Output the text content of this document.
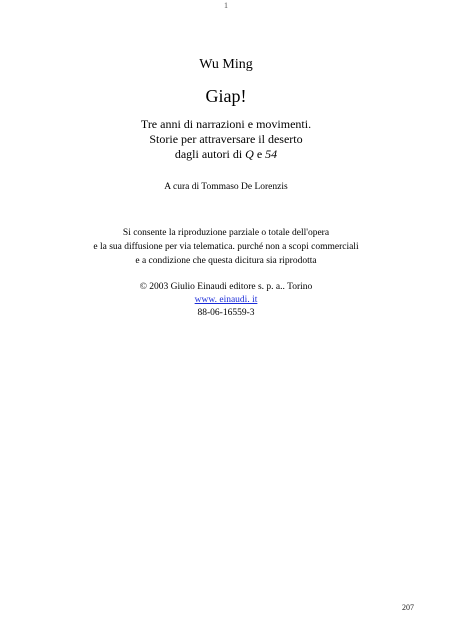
1
Wu Ming
Giap!
Tre anni di narrazioni e movimenti.
Storie per attraversare il deserto
dagli autori di Q e 54
A cura di Tommaso De Lorenzis
Si consente la riproduzione parziale o totale dell'opera
e la sua diffusione per via telematica. purché non a scopi commerciali
e a condizione che questa dicitura sia riprodotta
© 2003 Giulio Einaudi editore s. p. a.. Torino
www. einaudi. it
88-06-16559-3
207
